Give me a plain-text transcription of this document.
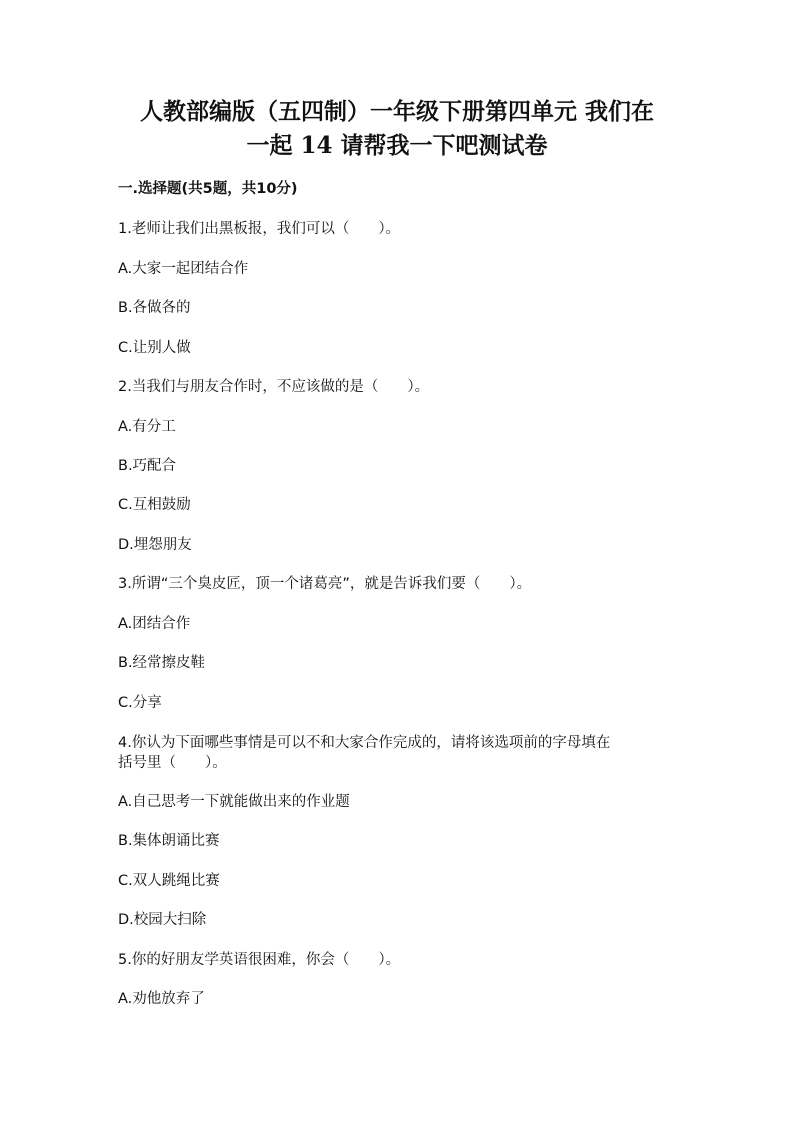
人教部编版（五四制）一年级下册第四单元 我们在
一起 14 请帮我一下吧测试卷
一.选择题(共5题，共10分)
1.老师让我们出黑板报，我们可以（　　）。
A.大家一起团结合作
B.各做各的
C.让别人做
2.当我们与朋友合作时，不应该做的是（　　）。
A.有分工
B.巧配合
C.互相鼓励
D.埋怨朋友
3.所谓“三个臭皮匠，顶一个诸葛亮”，就是告诉我们要（　　）。
A.团结合作
B.经常擦皮鞋
C.分享
4.你认为下面哪些事情是可以不和大家合作完成的，请将该选项前的字母填在
括号里（　　）。
A.自己思考一下就能做出来的作业题
B.集体朗诵比赛
C.双人跳绳比赛
D.校园大扫除
5.你的好朋友学英语很困难，你会（　　）。
A.劝他放弃了
